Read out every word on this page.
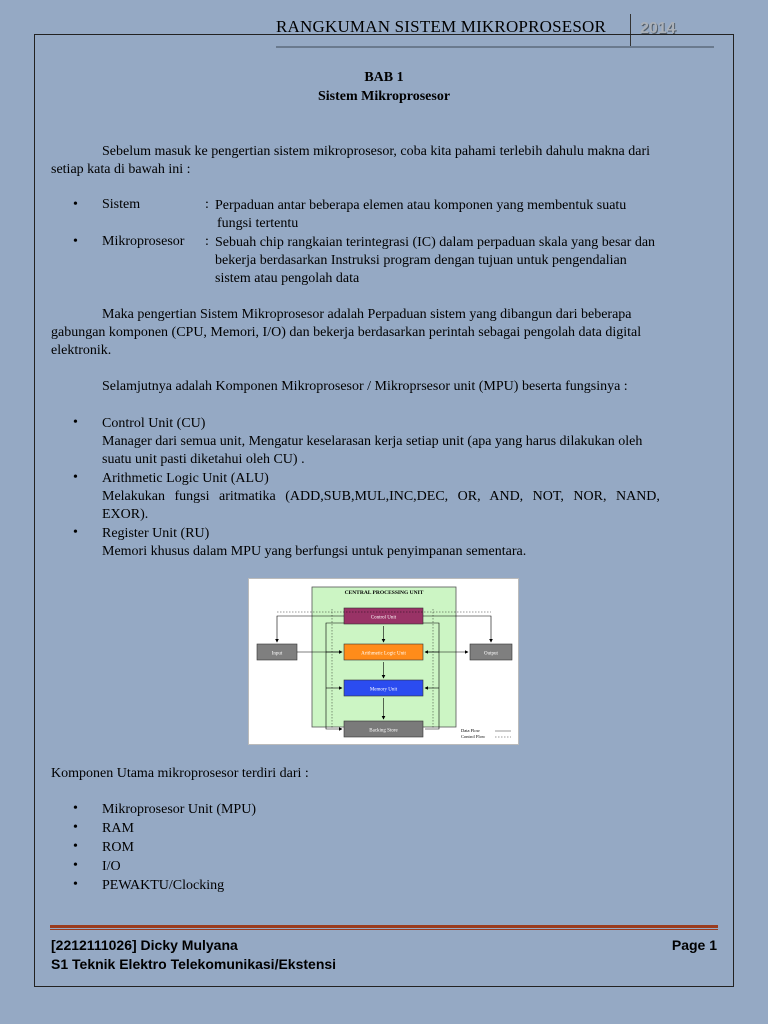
RANGKUMAN SISTEM MIKROPROSESOR 2014
BAB 1
Sistem Mikroprosesor
Sebelum masuk ke pengertian sistem mikroprosesor, coba kita pahami terlebih dahulu makna dari
setiap kata di bawah ini :
• Sistem	: Perpaduan antar beberapa elemen atau komponen yang membentuk suatu
fungsi tertentu
• Mikroprosesor : Sebuah chip rangkaian terintegrasi (IC) dalam perpaduan skala yang besar dan
bekerja berdasarkan Instruksi program dengan tujuan untuk pengendalian
sistem atau pengolah data
Maka pengertian Sistem Mikroprosesor adalah Perpaduan sistem yang dibangun dari beberapa
gabungan komponen (CPU, Memori, I/O) dan bekerja berdasarkan perintah sebagai pengolah data digital
elektronik.
Selamjutnya adalah Komponen Mikroprosesor / Mikroprsesor unit (MPU) beserta fungsinya :
• Control Unit (CU)
Manager dari semua unit, Mengatur keselarasan kerja setiap unit (apa yang harus dilakukan oleh
suatu unit pasti diketahui oleh CU) .
• Arithmetic Logic Unit (ALU)
Melakukan fungsi aritmatika (ADD,SUB,MUL,INC,DEC, OR, AND, NOT, NOR, NAND,
EXOR).
• Register Unit (RU)
Memori khusus dalam MPU yang berfungsi untuk penyimpanan sementara.
CENTRAL PROCESSING UNIT
Control Unit
Arithmetic Logic Unit
Memory Unit
Backing Store
Input	Output
Data Flow
Control Flow
Komponen Utama mikroprosesor terdiri dari :
• Mikroprosesor Unit (MPU)
• RAM
• ROM
• I/O
• PEWAKTU/Clocking
[2212111026] Dicky Mulyana	Page 1
S1 Teknik Elektro Telekomunikasi/Ekstensi
